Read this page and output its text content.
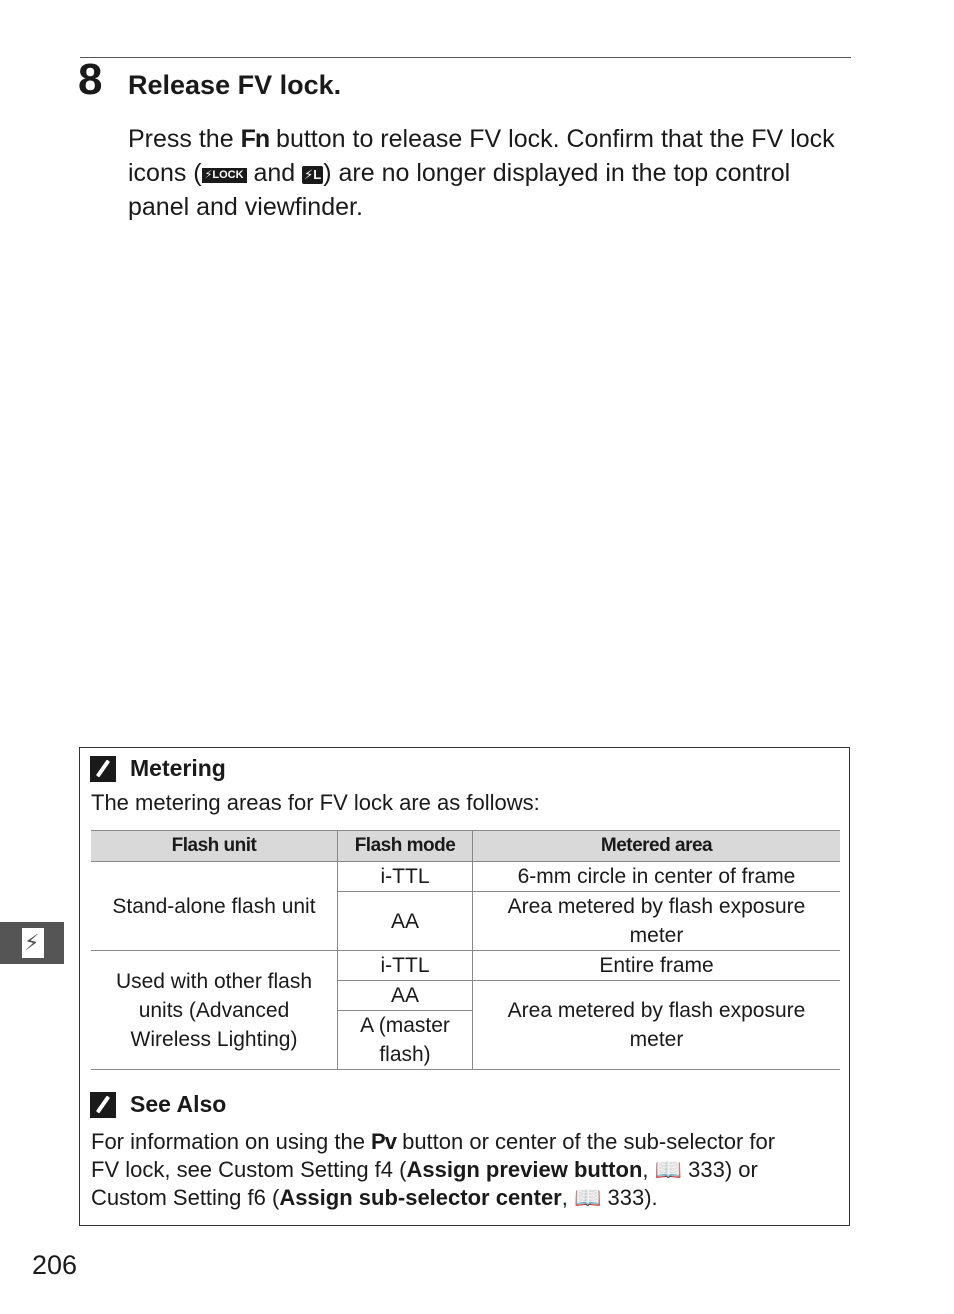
8 Release FV lock.
Press the Fn button to release FV lock. Confirm that the FV lock
icons ( ⚡LOCK and ⚡L) are no longer displayed in the top control
panel and viewfinder.
Metering
The metering areas for FV lock are as follows:
Flash unit	Flash mode	Metered area
Stand-alone flash unit	i-TTL	6-mm circle in center of frame
	AA	Area metered by flash exposure meter
Used with other flash units (Advanced Wireless Lighting)	i-TTL	Entire frame
	AA	Area metered by flash exposure meter
	A (master flash)	
See Also
For information on using the Pv button or center of the sub-selector for
FV lock, see Custom Setting f4 (Assign preview button, 📖 333) or
Custom Setting f6 (Assign sub-selector center, 📖 333).
⚡
206
